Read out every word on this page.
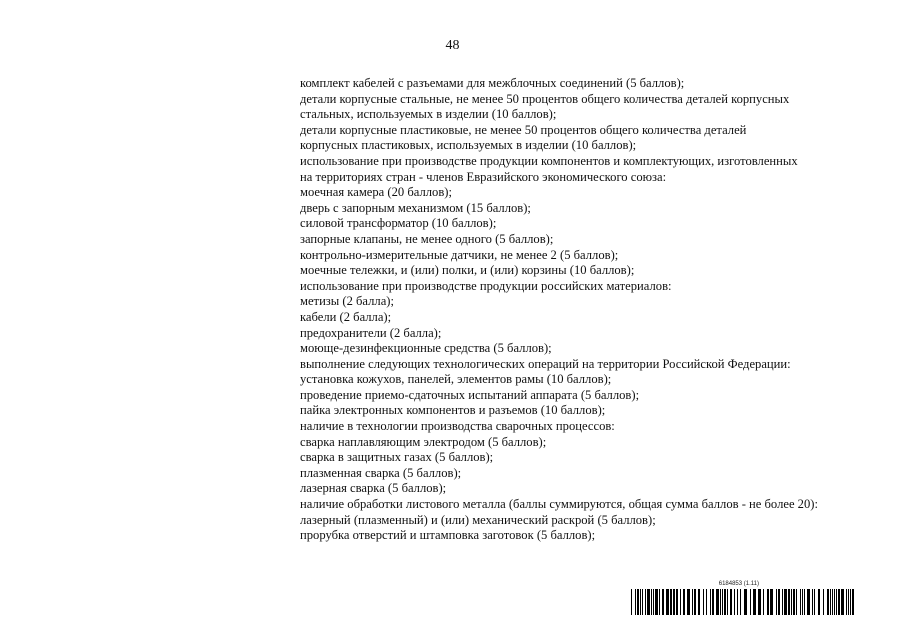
48
комплект кабелей с разъемами для межблочных соединений (5 баллов);
детали корпусные стальные, не менее 50 процентов общего количества деталей корпусных
стальных, используемых в изделии (10 баллов);
детали корпусные пластиковые, не менее 50 процентов общего количества деталей
корпусных пластиковых, используемых в изделии (10 баллов);
использование при производстве продукции компонентов и комплектующих, изготовленных
на территориях стран - членов Евразийского экономического союза:
моечная камера (20 баллов);
дверь с запорным механизмом (15 баллов);
силовой трансформатор (10 баллов);
запорные клапаны, не менее одного (5 баллов);
контрольно-измерительные датчики, не менее 2 (5 баллов);
моечные тележки, и (или) полки, и (или) корзины (10 баллов);
использование при производстве продукции российских материалов:
метизы (2 балла);
кабели (2 балла);
предохранители (2 балла);
моюще-дезинфекционные средства (5 баллов);
выполнение следующих технологических операций на территории Российской Федерации:
установка кожухов, панелей, элементов рамы (10 баллов);
проведение приемо-сдаточных испытаний аппарата (5 баллов);
пайка электронных компонентов и разъемов (10 баллов);
наличие в технологии производства сварочных процессов:
сварка наплавляющим электродом (5 баллов);
сварка в защитных газах (5 баллов);
плазменная сварка (5 баллов);
лазерная сварка (5 баллов);
наличие обработки листового металла (баллы суммируются, общая сумма баллов - не более 20):
лазерный (плазменный) и (или) механический раскрой (5 баллов);
прорубка отверстий и штамповка заготовок (5 баллов);
6184853 (1.11)
